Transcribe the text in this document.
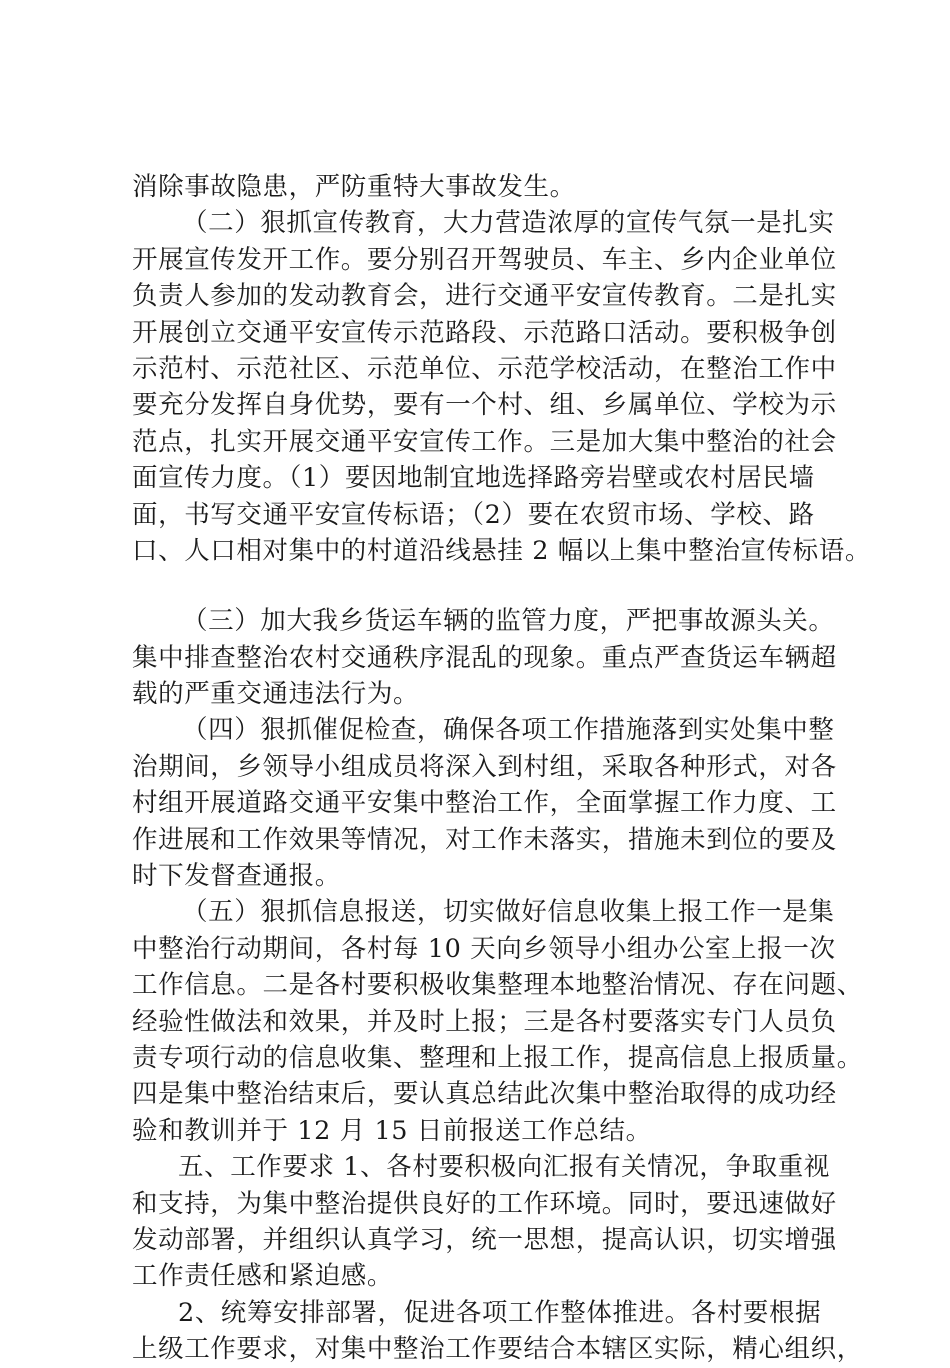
消除事故隐患，严防重特大事故发生。
（二）狠抓宣传教育，大力营造浓厚的宣传气氛一是扎实
开展宣传发开工作。要分别召开驾驶员、车主、乡内企业单位
负责人参加的发动教育会，进行交通平安宣传教育。二是扎实
开展创立交通平安宣传示范路段、示范路口活动。要积极争创
示范村、示范社区、示范单位、示范学校活动，在整治工作中
要充分发挥自身优势，要有一个村、组、乡属单位、学校为示
范点，扎实开展交通平安宣传工作。三是加大集中整治的社会
面宣传力度。（1）要因地制宜地选择路旁岩壁或农村居民墙
面，书写交通平安宣传标语；（2）要在农贸市场、学校、路
口、人口相对集中的村道沿线悬挂 2 幅以上集中整治宣传标语。
（三）加大我乡货运车辆的监管力度，严把事故源头关。
集中排查整治农村交通秩序混乱的现象。重点严查货运车辆超
载的严重交通违法行为。
（四）狠抓催促检查，确保各项工作措施落到实处集中整
治期间，乡领导小组成员将深入到村组，采取各种形式，对各
村组开展道路交通平安集中整治工作，全面掌握工作力度、工
作进展和工作效果等情况，对工作未落实，措施未到位的要及
时下发督查通报。
（五）狠抓信息报送，切实做好信息收集上报工作一是集
中整治行动期间，各村每 10 天向乡领导小组办公室上报一次
工作信息。二是各村要积极收集整理本地整治情况、存在问题、
经验性做法和效果，并及时上报；三是各村要落实专门人员负
责专项行动的信息收集、整理和上报工作，提高信息上报质量。
四是集中整治结束后，要认真总结此次集中整治取得的成功经
验和教训并于 12 月 15 日前报送工作总结。
五、工作要求 1、各村要积极向汇报有关情况，争取重视
和支持，为集中整治提供良好的工作环境。同时，要迅速做好
发动部署，并组织认真学习，统一思想，提高认识，切实增强
工作责任感和紧迫感。
2、统筹安排部署，促进各项工作整体推进。各村要根据
上级工作要求，对集中整治工作要结合本辖区实际，精心组织，
